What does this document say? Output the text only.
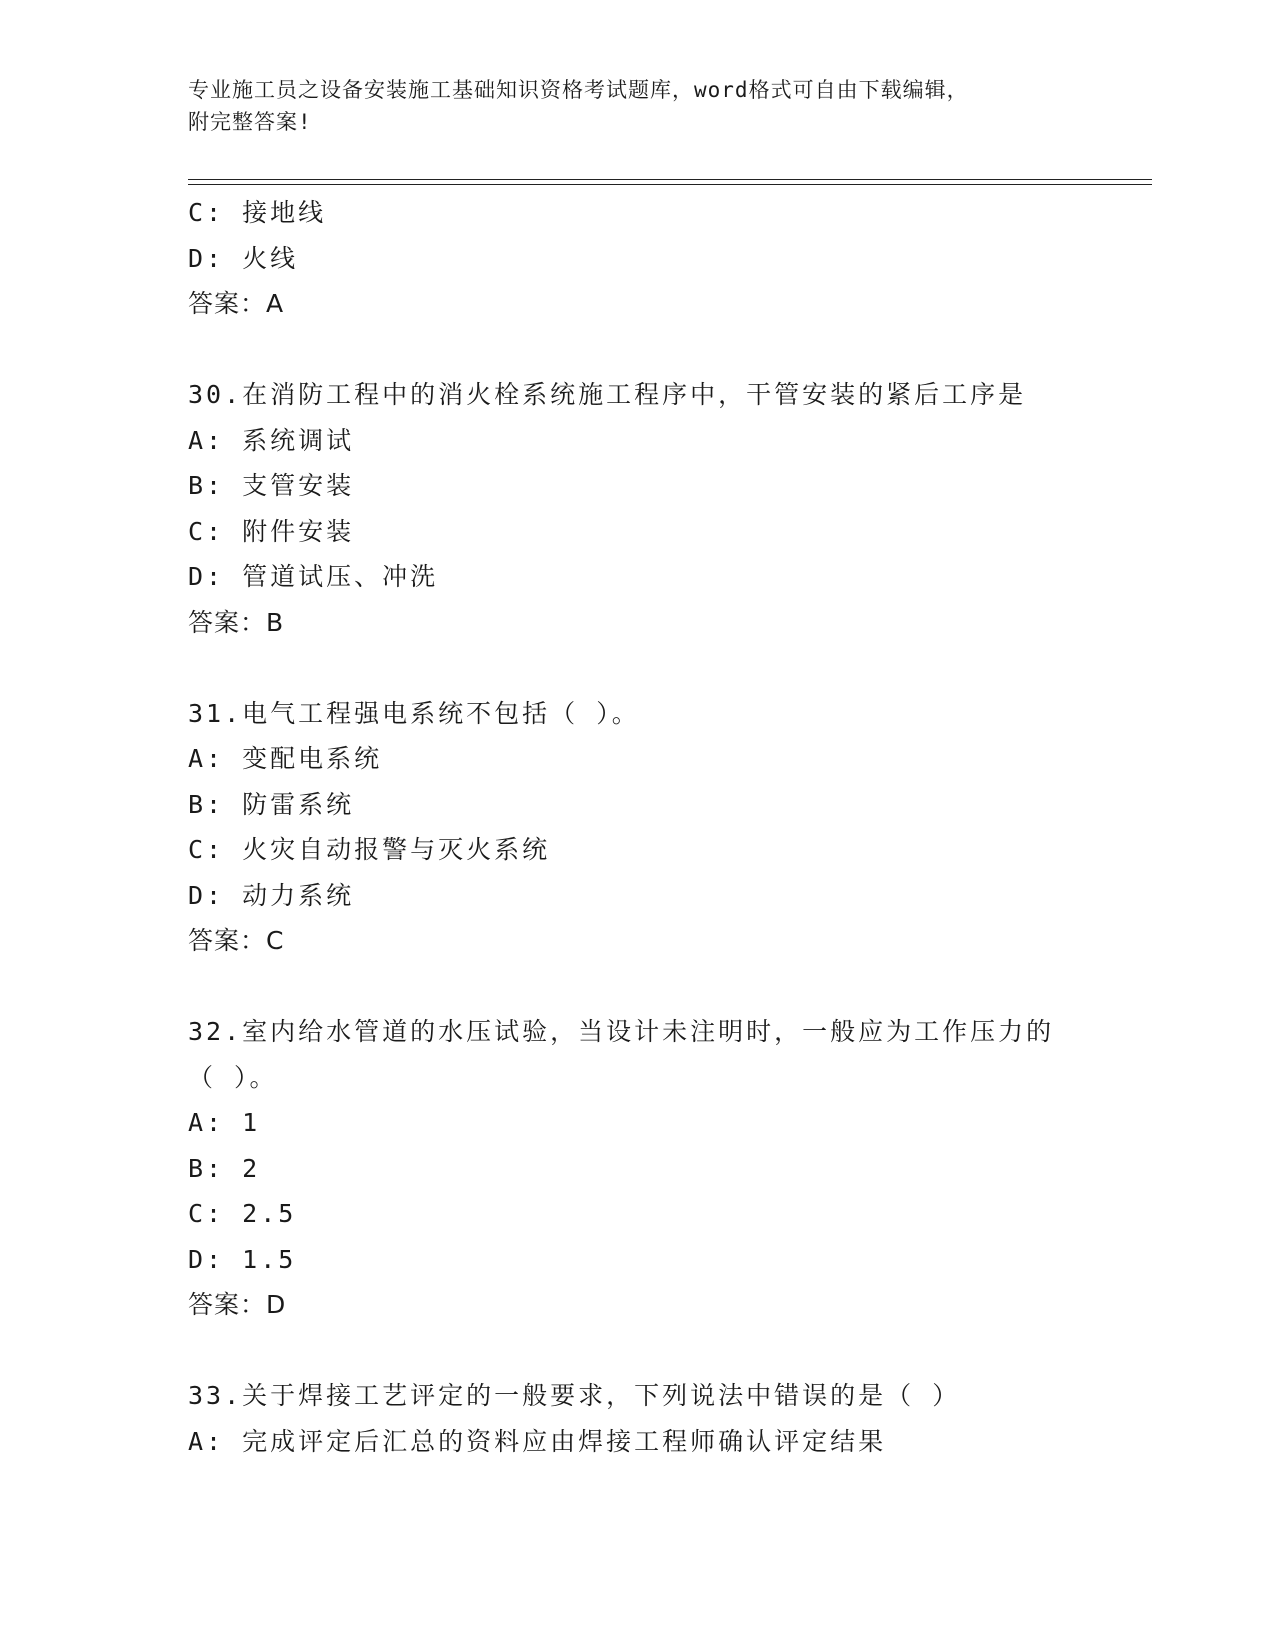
专业施工员之设备安装施工基础知识资格考试题库，word格式可自由下载编辑，
附完整答案!
C: 接地线
D: 火线
答案：A
30.在消防工程中的消火栓系统施工程序中，干管安装的紧后工序是
A: 系统调试
B: 支管安装
C: 附件安装
D: 管道试压、冲洗
答案：B
31.电气工程强电系统不包括（ ）。
A: 变配电系统
B: 防雷系统
C: 火灾自动报警与灭火系统
D: 动力系统
答案：C
32.室内给水管道的水压试验，当设计未注明时，一般应为工作压力的
（ ）。
A: 1
B: 2
C: 2.5
D: 1.5
答案：D
33.关于焊接工艺评定的一般要求，下列说法中错误的是（ ）
A: 完成评定后汇总的资料应由焊接工程师确认评定结果
